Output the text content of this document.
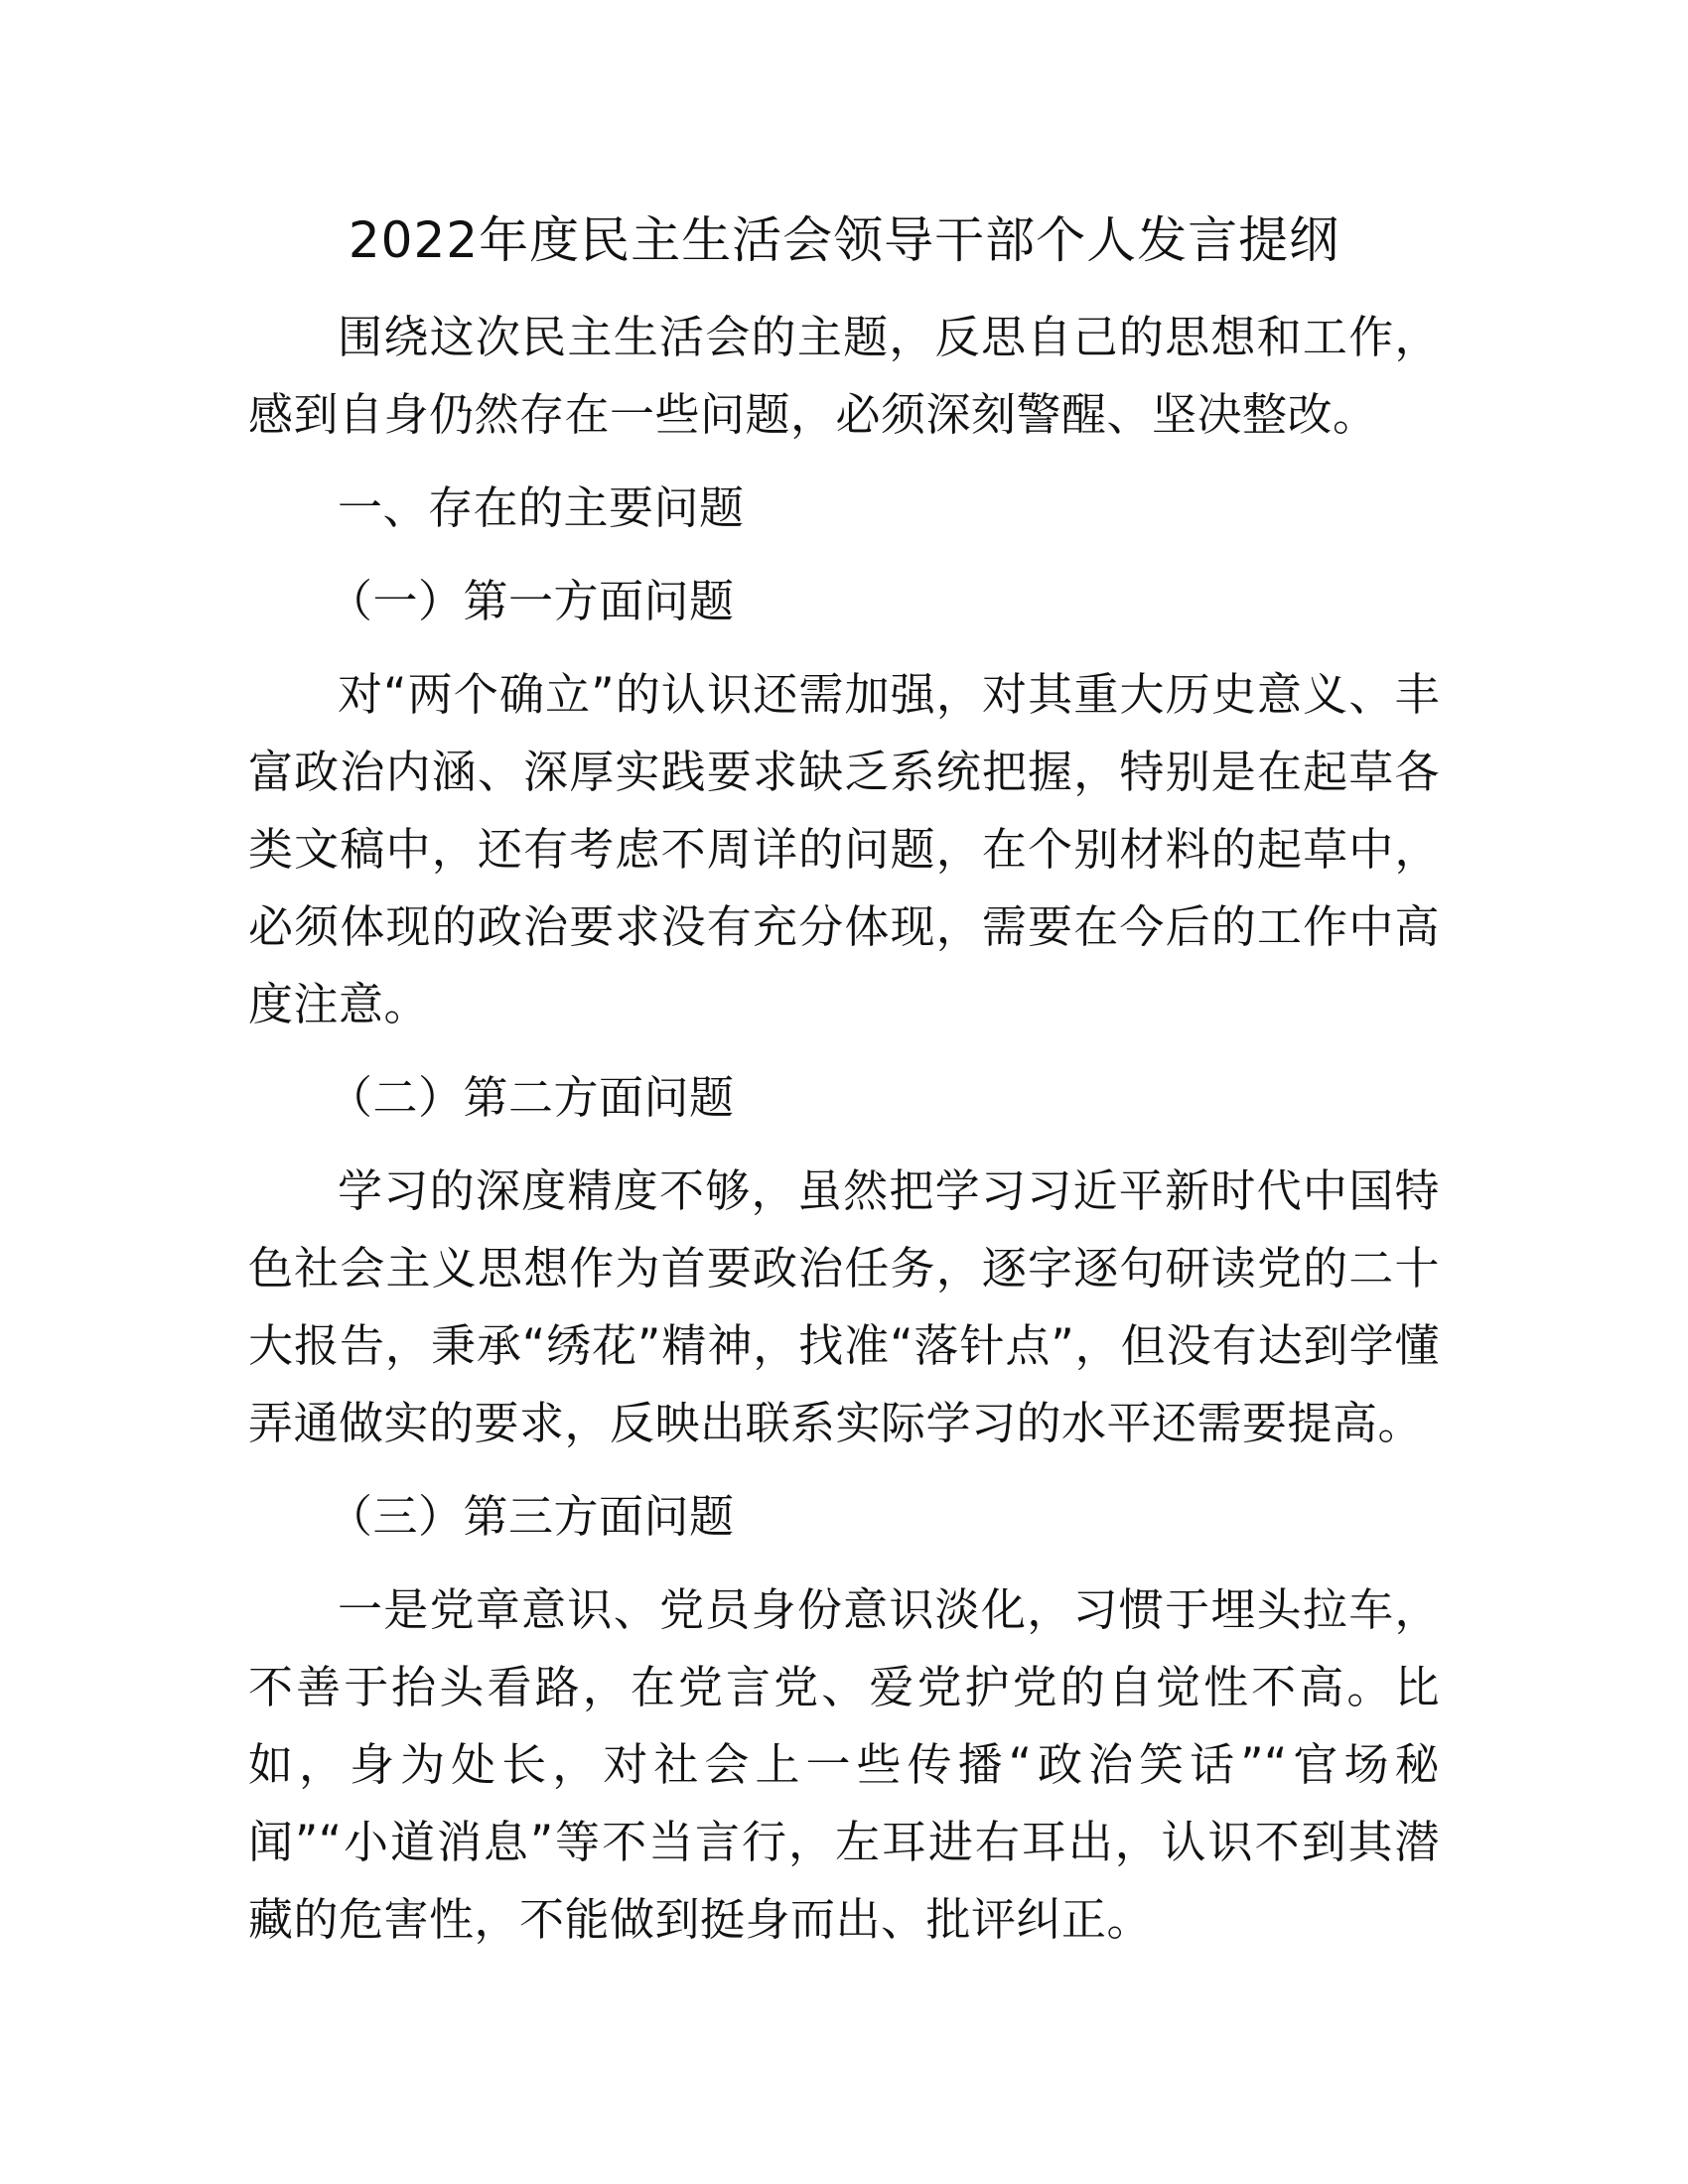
2022年度民主生活会领导干部个人发言提纲

围绕这次民主生活会的主题，反思自己的思想和工作，感到自身仍然存在一些问题，必须深刻警醒、坚决整改。

一、存在的主要问题

（一）第一方面问题

对“两个确立”的认识还需加强，对其重大历史意义、丰富政治内涵、深厚实践要求缺乏系统把握，特别是在起草各类文稿中，还有考虑不周详的问题，在个别材料的起草中，必须体现的政治要求没有充分体现，需要在今后的工作中高度注意。

（二）第二方面问题

学习的深度精度不够，虽然把学习习近平新时代中国特色社会主义思想作为首要政治任务，逐字逐句研读党的二十大报告，秉承“绣花”精神，找准“落针点”，但没有达到学懂弄通做实的要求，反映出联系实际学习的水平还需要提高。

（三）第三方面问题

一是党章意识、党员身份意识淡化，习惯于埋头拉车，不善于抬头看路，在党言党、爱党护党的自觉性不高。比如，身为处长，对社会上一些传播“政治笑话”“官场秘闻”“小道消息”等不当言行，左耳进右耳出，认识不到其潜藏的危害性，不能做到挺身而出、批评纠正。
